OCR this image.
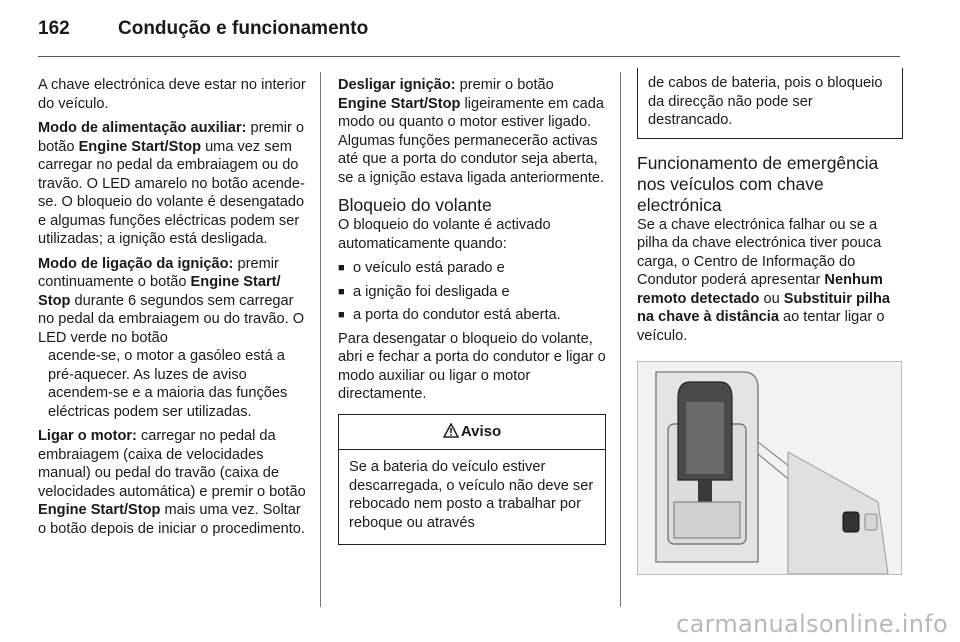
162	Condução e funcionamento

A chave electrónica deve estar no interior do veículo.

Modo de alimentação auxiliar: premir o botão Engine Start/Stop uma vez sem carregar no pedal da embraiagem ou do travão. O LED amarelo no botão acende-se. O bloqueio do volante é desengatado e algumas funções eléctricas podem ser utilizadas; a ignição está desligada.

Modo de ligação da ignição: premir continuamente o botão Engine Start/ Stop durante 6 segundos sem carregar no pedal da embraiagem ou do travão. O LED verde no botão
acende-se, o motor a gasóleo está a pré-aquecer. As luzes de aviso acendem-se e a maioria das funções eléctricas podem ser utilizadas.

Ligar o motor: carregar no pedal da embraiagem (caixa de velocidades manual) ou pedal do travão (caixa de velocidades automática) e premir o botão Engine Start/Stop mais uma vez. Soltar o botão depois de iniciar o procedimento.

Desligar ignição: premir o botão Engine Start/Stop ligeiramente em cada modo ou quanto o motor estiver ligado. Algumas funções permanecerão activas até que a porta do condutor seja aberta, se a ignição estava ligada anteriormente.

Bloqueio do volante

O bloqueio do volante é activado automaticamente quando:

■ o veículo está parado e
■ a ignição foi desligada e
■ a porta do condutor está aberta.

Para desengatar o bloqueio do volante, abri e fechar a porta do condutor e ligar o modo auxiliar ou ligar o motor directamente.

Aviso
Se a bateria do veículo estiver descarregada, o veículo não deve ser rebocado nem posto a trabalhar por reboque ou através
de cabos de bateria, pois o bloqueio da direcção não pode ser destrancado.
Funcionamento de emergência nos veículos com chave electrónica

Se a chave electrónica falhar ou se a pilha da chave electrónica tiver pouca carga, o Centro de Informação do Condutor poderá apresentar Nenhum remoto detectado ou Substituir pilha na chave à distância ao tentar ligar o veículo.

carmanualsonline.info
